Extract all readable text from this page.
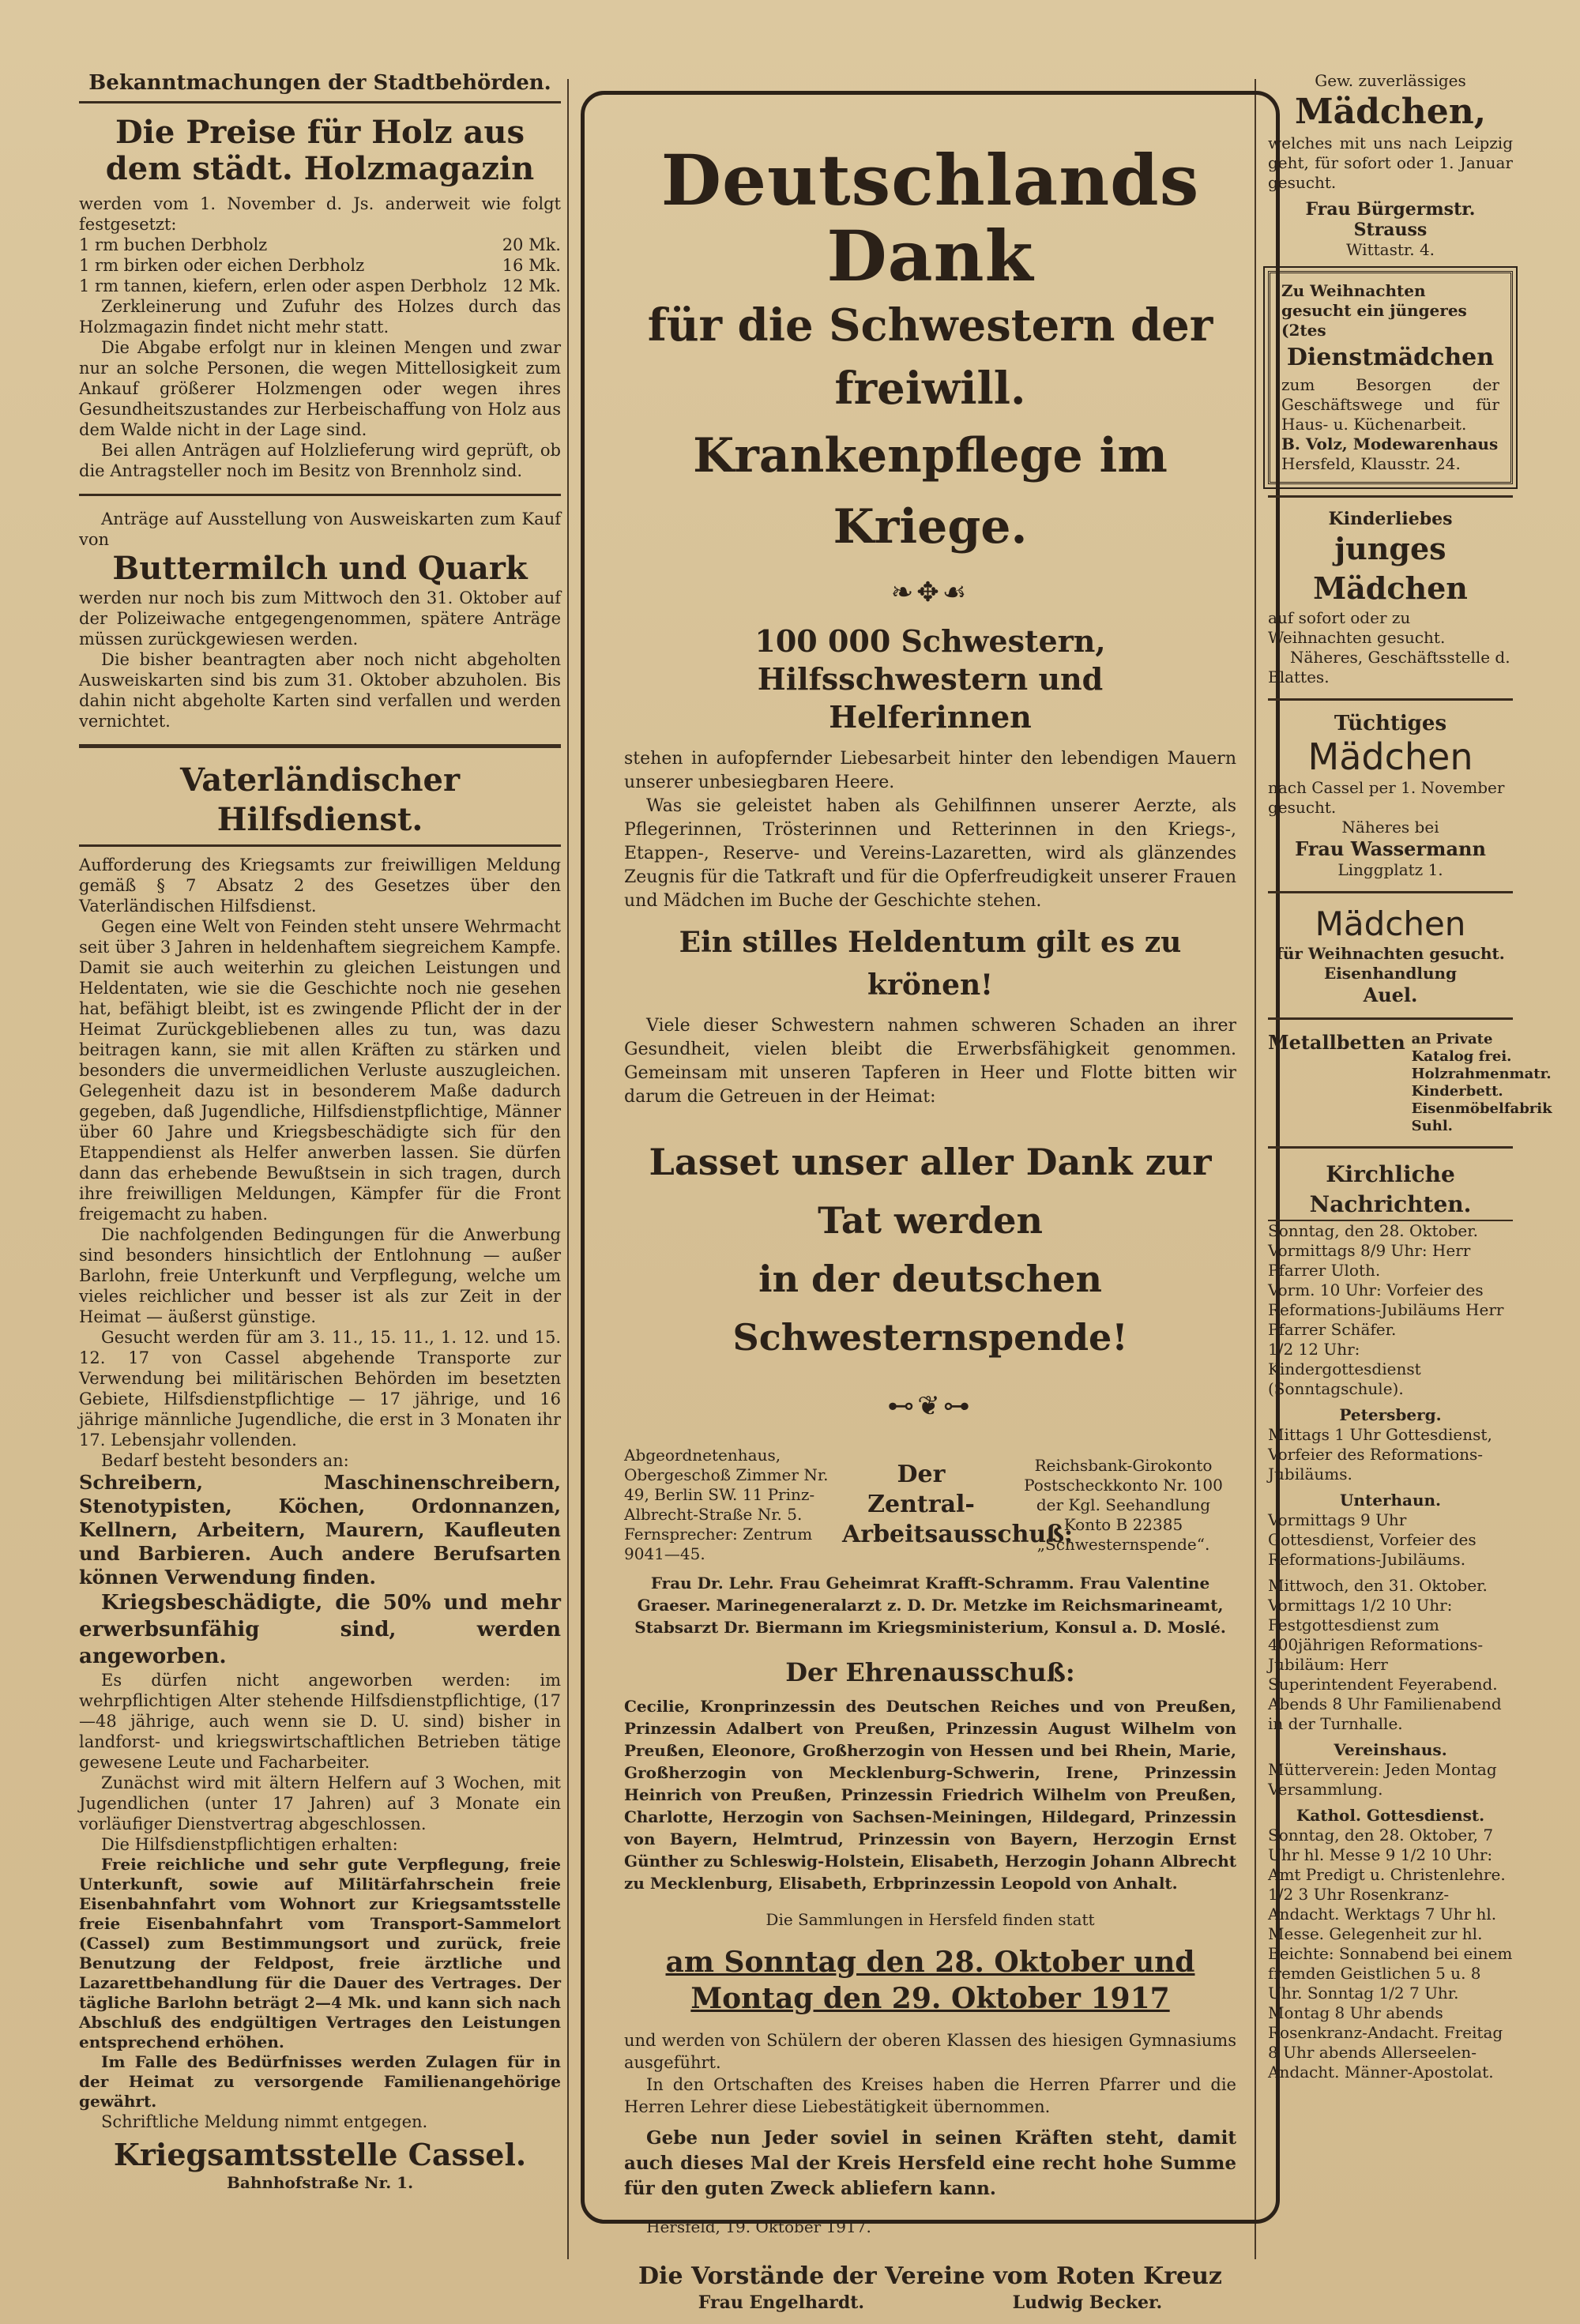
Bekanntmachungen der Stadtbehörden.
Die Preise für Holz aus dem städt. Holzmagazin

werden vom 1. November d. Js. anderweit wie folgt festgesetzt:

1 rm buchen Derbholz	20 Mk.
1 rm birken oder eichen Derbholz	16 Mk.
1 rm tannen, kiefern, erlen oder aspen Derbholz 12 Mk.

Zerkleinerung und Zufuhr des Holzes durch das Holzmagazin findet nicht mehr statt.

Die Abgabe erfolgt nur in kleinen Mengen und zwar nur an solche Personen, die wegen Mittellosigkeit zum Ankauf größerer Holzmengen oder wegen ihres Gesundheitszustandes zur Herbeischaffung von Holz aus dem Walde nicht in der Lage sind.

Bei allen Anträgen auf Holzlieferung wird geprüft, ob die Antragsteller noch im Besitz von Brennholz sind.

Anträge auf Ausstellung von Ausweiskarten zum Kauf von

Buttermilch und Quark

werden nur noch bis zum Mittwoch den 31. Oktober auf der Polizeiwache entgegengenommen, spätere Anträge müssen zurückgewiesen werden.

Die bisher beantragten aber noch nicht abgeholten Ausweiskarten sind bis zum 31. Oktober abzuholen. Bis dahin nicht abgeholte Karten sind verfallen und werden vernichtet.

Vaterländischer Hilfsdienst.

Aufforderung des Kriegsamts zur freiwilligen Meldung gemäß § 7 Absatz 2 des Gesetzes über den Vaterländischen Hilfsdienst.

Gegen eine Welt von Feinden steht unsere Wehrmacht seit über 3 Jahren in heldenhaftem siegreichem Kampfe. Damit sie auch weiterhin zu gleichen Leistungen und Heldentaten, wie sie die Geschichte noch nie gesehen hat, befähigt bleibt, ist es zwingende Pflicht der in der Heimat Zurückgebliebenen alles zu tun, was dazu beitragen kann, sie mit allen Kräften zu stärken und besonders die unvermeidlichen Verluste auszugleichen. Gelegenheit dazu ist in besonderem Maße dadurch gegeben, daß Jugendliche, Hilfsdienstpflichtige, Männer über 60 Jahre und Kriegsbeschädigte sich für den Etappendienst als Helfer anwerben lassen. Sie dürfen dann das erhebende Bewußtsein in sich tragen, durch ihre freiwilligen Meldungen, Kämpfer für die Front freigemacht zu haben.

Die nachfolgenden Bedingungen für die Anwerbung sind besonders hinsichtlich der Entlohnung — außer Barlohn, freie Unterkunft und Verpflegung, welche um vieles reichlicher und besser ist als zur Zeit in der Heimat — äußerst günstige.

Gesucht werden für am 3. 11., 15. 11., 1. 12. und 15. 12. 17 von Cassel abgehende Transporte zur Verwendung bei militärischen Behörden im besetzten Gebiete, Hilfsdienstpflichtige — 17 jährige, und 16 jährige männliche Jugendliche, die erst in 3 Monaten ihr 17. Lebensjahr vollenden.

Bedarf besteht besonders an:

Schreibern, Maschinenschreibern, Stenotypisten, Köchen, Ordonnanzen, Kellnern, Arbeitern, Maurern, Kaufleuten und Barbieren. Auch andere Berufsarten können Verwendung finden.

Kriegsbeschädigte, die 50% und mehr erwerbsunfähig sind, werden angeworben.

Es dürfen nicht angeworben werden: im wehrpflichtigen Alter stehende Hilfsdienstpflichtige, (17—48 jährige, auch wenn sie D. U. sind) bisher in landforst- und kriegswirtschaftlichen Betrieben tätige gewesene Leute und Facharbeiter.

Zunächst wird mit ältern Helfern auf 3 Wochen, mit Jugendlichen (unter 17 Jahren) auf 3 Monate ein vorläufiger Dienstvertrag abgeschlossen.

Die Hilfsdienstpflichtigen erhalten:

Freie reichliche und sehr gute Verpflegung, freie Unterkunft, sowie auf Militärfahrschein freie Eisenbahnfahrt vom Wohnort zur Kriegsamtsstelle freie Eisenbahnfahrt vom Transport-Sammelort (Cassel) zum Bestimmungsort und zurück, freie Benutzung der Feldpost, freie ärztliche und Lazarettbehandlung für die Dauer des Vertrages. Der tägliche Barlohn beträgt 2—4 Mk. und kann sich nach Abschluß des endgültigen Vertrages den Leistungen entsprechend erhöhen.

Im Falle des Bedürfnisses werden Zulagen für in der Heimat zu versorgende Familienangehörige gewährt.

Schriftliche Meldung nimmt entgegen.

Kriegsamtsstelle Cassel.
Bahnhofstraße Nr. 1.
Deutschlands Dank
für die Schwestern der freiwill.
Krankenpflege im Kriege.
❧✥☙
100 000 Schwestern, Hilfsschwestern und Helferinnen

stehen in aufopfernder Liebesarbeit hinter den lebendigen Mauern unserer unbesiegbaren Heere.

Was sie geleistet haben als Gehilfinnen unserer Aerzte, als Pflegerinnen, Trösterinnen und Retterinnen in den Kriegs-, Etappen-, Reserve- und Vereins-Lazaretten, wird als glänzendes Zeugnis für die Tatkraft und für die Opferfreudigkeit unserer Frauen und Mädchen im Buche der Geschichte stehen.

Ein stilles Heldentum gilt es zu krönen!

Viele dieser Schwestern nahmen schweren Schaden an ihrer Gesundheit, vielen bleibt die Erwerbsfähigkeit genommen. Gemeinsam mit unseren Tapferen in Heer und Flotte bitten wir darum die Getreuen in der Heimat:

Lasset unser aller Dank zur Tat werden
in der deutschen Schwesternspende!
⊷❦⊶

Abgeordnetenhaus, Obergeschoß Zimmer Nr. 49, Berlin SW. 11 Prinz-Albrecht-Straße Nr. 5. Fernsprecher: Zentrum 9041—45.

Der Zentral-Arbeitsausschuß:

Reichsbank-Girokonto Postscheckkonto Nr. 100 der Kgl. Seehandlung Konto B 22385 „Schwesternspende“.

Frau Dr. Lehr. Frau Geheimrat Krafft-Schramm. Frau Valentine Graeser. Marinegeneralarzt z. D. Dr. Metzke im Reichsmarineamt, Stabsarzt Dr. Biermann im Kriegsministerium, Konsul a. D. Moslé.

Der Ehrenausschuß:

Cecilie, Kronprinzessin des Deutschen Reiches und von Preußen, Prinzessin Adalbert von Preußen, Prinzessin August Wilhelm von Preußen, Eleonore, Großherzogin von Hessen und bei Rhein, Marie, Großherzogin von Mecklenburg-Schwerin, Irene, Prinzessin Heinrich von Preußen, Prinzessin Friedrich Wilhelm von Preußen, Charlotte, Herzogin von Sachsen-Meiningen, Hildegard, Prinzessin von Bayern, Helmtrud, Prinzessin von Bayern, Herzogin Ernst Günther zu Schleswig-Holstein, Elisabeth, Herzogin Johann Albrecht zu Mecklenburg, Elisabeth, Erbprinzessin Leopold von Anhalt.

Die Sammlungen in Hersfeld finden statt

am Sonntag den 28. Oktober und
Montag den 29. Oktober 1917

und werden von Schülern der oberen Klassen des hiesigen Gymnasiums ausgeführt.

In den Ortschaften des Kreises haben die Herren Pfarrer und die Herren Lehrer diese Liebestätigkeit übernommen.

Gebe nun Jeder soviel in seinen Kräften steht, damit auch dieses Mal der Kreis Hersfeld eine recht hohe Summe für den guten Zweck abliefern kann.

Hersfeld, 19. Oktober 1917.

Die Vorstände der Vereine vom Roten Kreuz
Frau Engelhardt.	Ludwig Becker.
Gew. zuverlässiges
Mädchen,

welches mit uns nach Leipzig geht, für sofort oder 1. Januar gesucht.

Frau Bürgermstr. Strauss
Wittastr. 4.

Zu Weihnachten gesucht ein jüngeres (2tes

Dienstmädchen

zum Besorgen der Geschäftswege und für Haus- u. Küchenarbeit.

B. Volz, Modewarenhaus

Hersfeld, Klausstr. 24.

Kinderliebes
junges Mädchen

auf sofort oder zu Weihnachten gesucht.

Näheres, Geschäftsstelle d. Blattes.

Tüchtiges
Mädchen

nach Cassel per 1. November gesucht.

Näheres bei

Frau Wassermann
Linggplatz 1.
Mädchen

für Weihnachten gesucht.

Eisenhandlung

Auel.

Metallbetten an Private Katalog frei. Holzrahmenmatr. Kinderbett. Eisenmöbelfabrik Suhl.
Kirchliche Nachrichten.

Sonntag, den 28. Oktober.

Vormittags 8/9 Uhr: Herr Pfarrer Uloth.

Vorm. 10 Uhr: Vorfeier des Reformations-Jubiläums Herr Pfarrer Schäfer.

1/2 12 Uhr: Kindergottesdienst (Sonntagschule).

Petersberg.

Mittags 1 Uhr Gottesdienst, Vorfeier des Reformations-Jubiläums.

Unterhaun.

Vormittags 9 Uhr Gottesdienst, Vorfeier des Reformations-Jubiläums.

Mittwoch, den 31. Oktober.

Vormittags 1/2 10 Uhr: Festgottesdienst zum 400jährigen Reformations-Jubiläum: Herr Superintendent Feyerabend.

Abends 8 Uhr Familienabend in der Turnhalle.

Vereinshaus.

Mütterverein: Jeden Montag Versammlung.

Kathol. Gottesdienst.

Sonntag, den 28. Oktober, 7 Uhr hl. Messe 9 1/2 10 Uhr: Amt Predigt u. Christenlehre. 1/2 3 Uhr Rosenkranz-Andacht. Werktags 7 Uhr hl. Messe. Gelegenheit zur hl. Beichte: Sonnabend bei einem fremden Geistlichen 5 u. 8 Uhr. Sonntag 1/2 7 Uhr. Montag 8 Uhr abends Rosenkranz-Andacht. Freitag 8 Uhr abends Allerseelen-Andacht. Männer-Apostolat.
